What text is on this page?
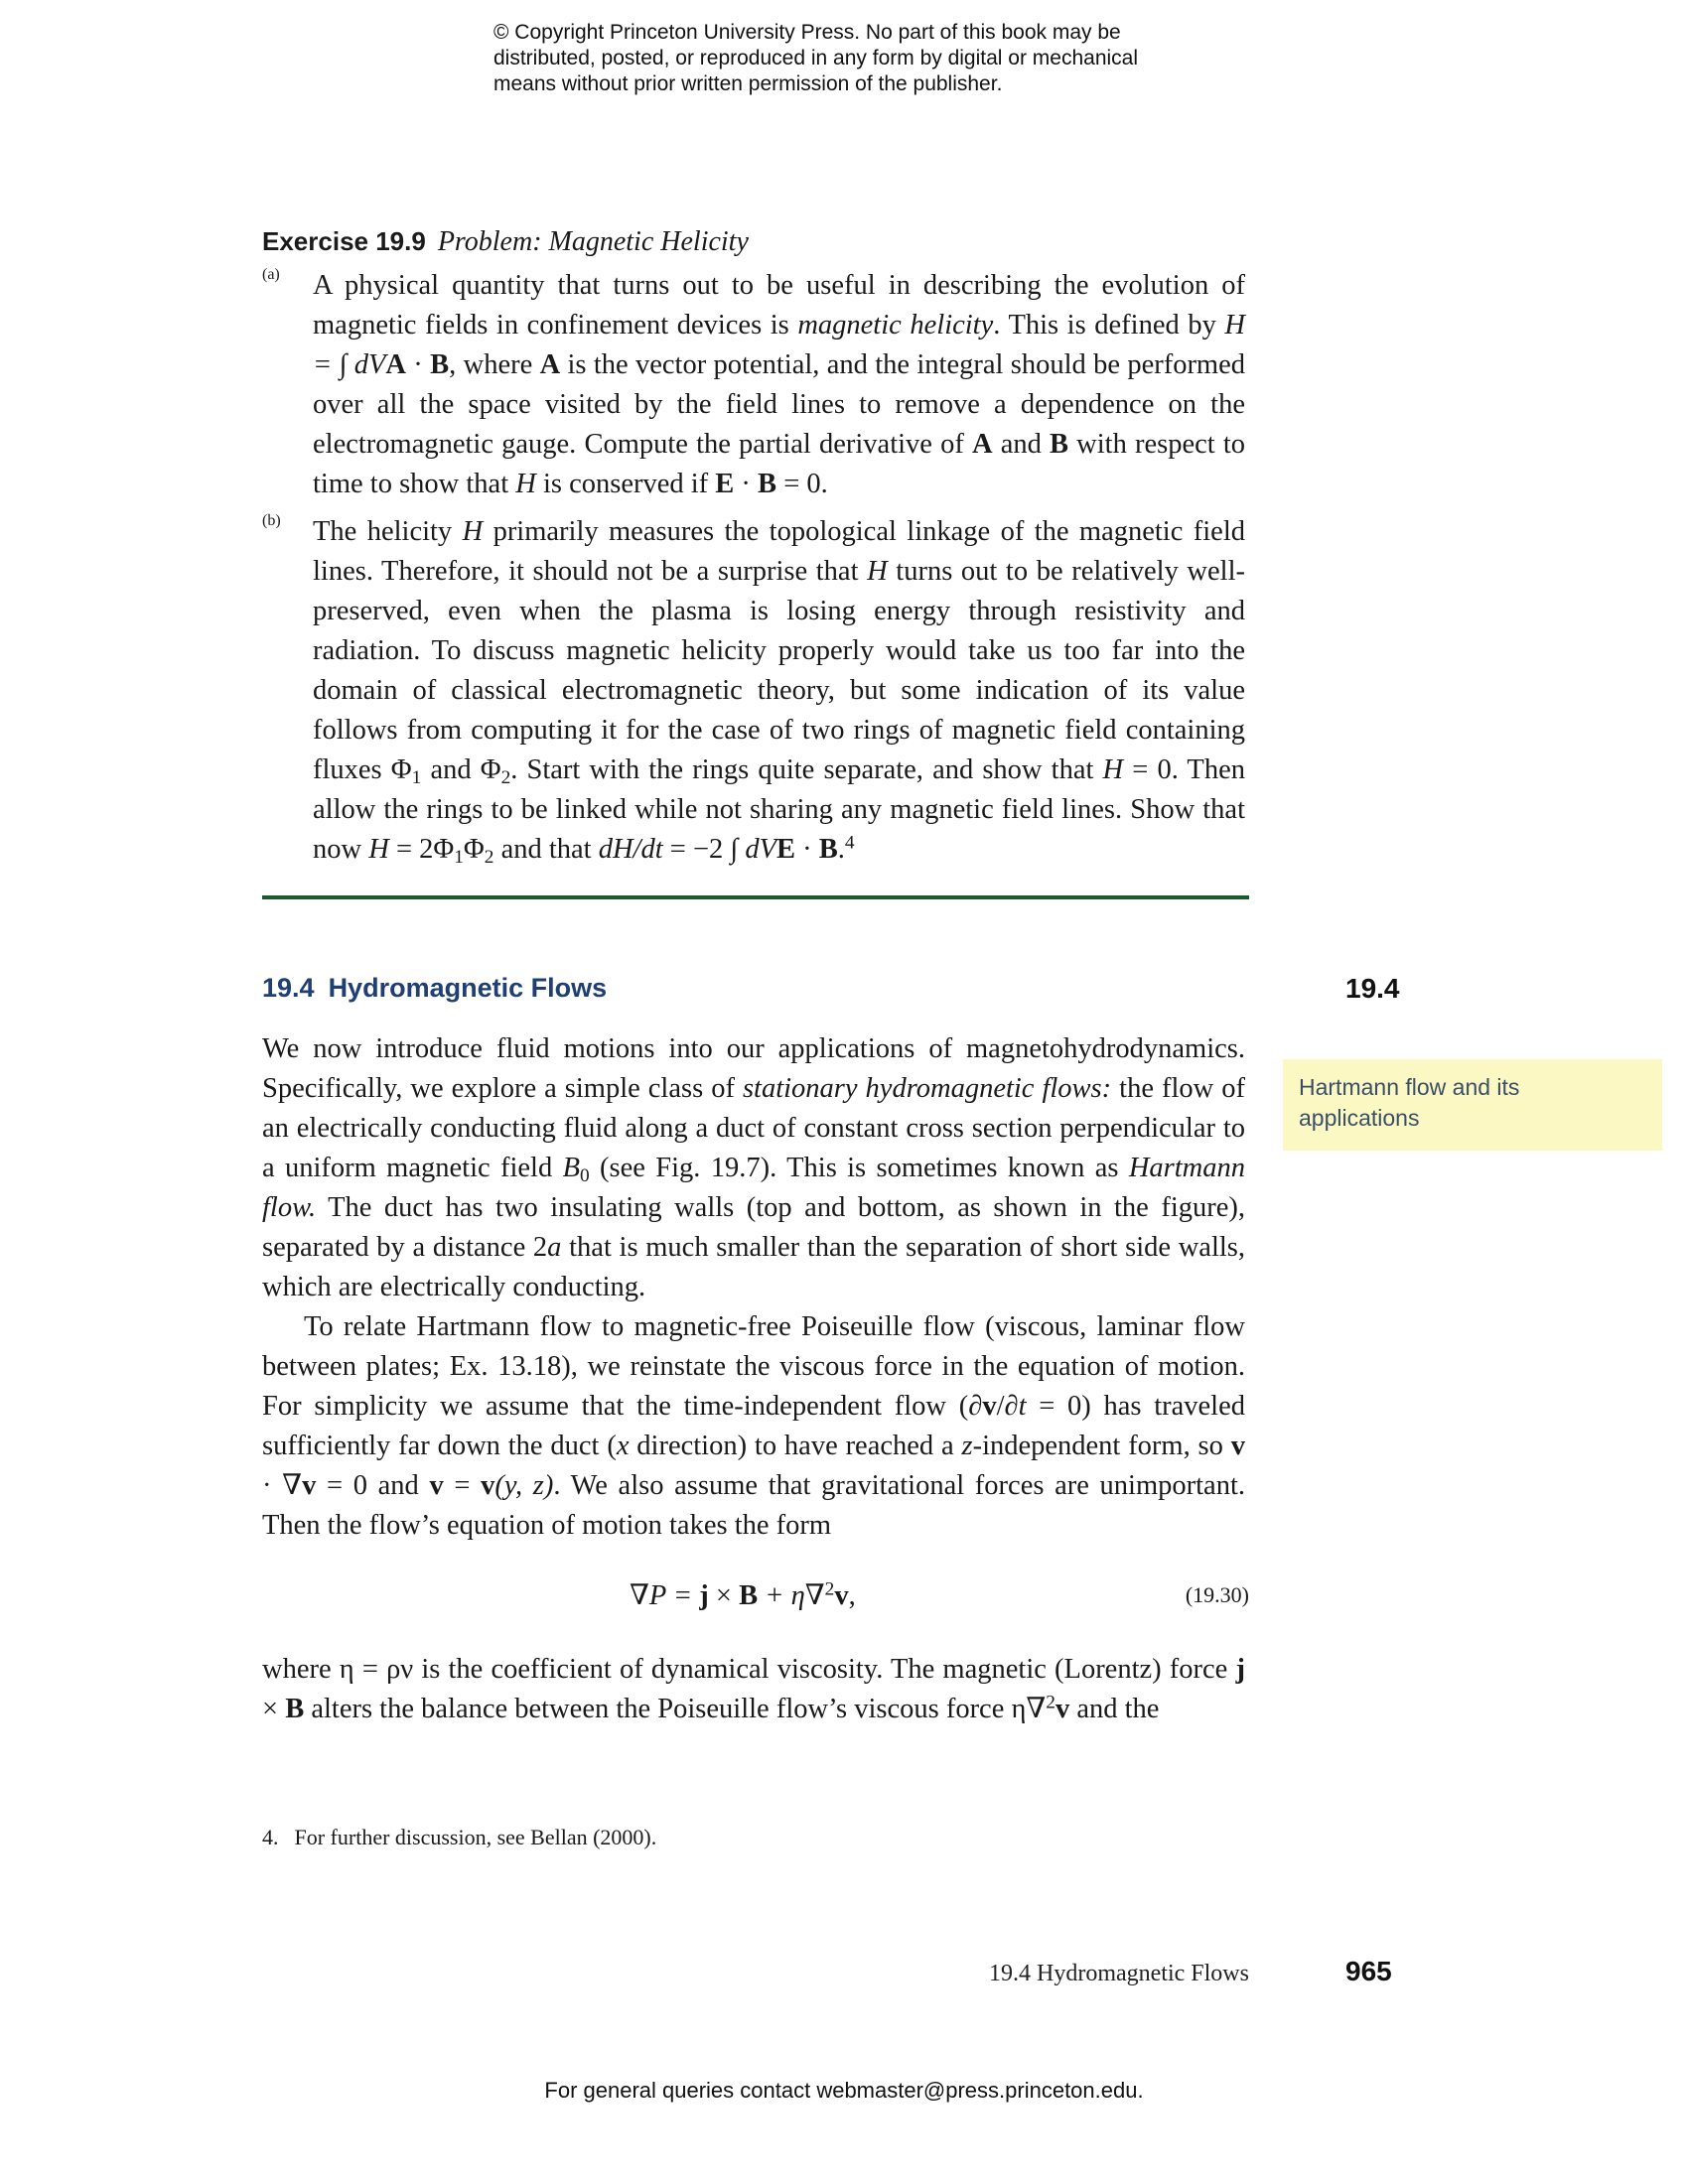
© Copyright Princeton University Press. No part of this book may be
distributed, posted, or reproduced in any form by digital or mechanical
means without prior written permission of the publisher.
Exercise 19.9 Problem: Magnetic Helicity
(a) A physical quantity that turns out to be useful in describing the evolution of magnetic fields in confinement devices is magnetic helicity. This is defined by H = ∫ dVA · B, where A is the vector potential, and the integral should be performed over all the space visited by the field lines to remove a dependence on the electromagnetic gauge. Compute the partial derivative of A and B with respect to time to show that H is conserved if E · B = 0.
(b) The helicity H primarily measures the topological linkage of the magnetic field lines. Therefore, it should not be a surprise that H turns out to be relatively well-preserved, even when the plasma is losing energy through resistivity and radiation. To discuss magnetic helicity properly would take us too far into the domain of classical electromagnetic theory, but some indication of its value follows from computing it for the case of two rings of magnetic field containing fluxes $\Phi_1$ and $\Phi_2$. Start with the rings quite separate, and show that H = 0. Then allow the rings to be linked while not sharing any magnetic field lines. Show that now $H = 2\Phi_1\Phi_2$ and that dH/dt = −2 ∫ dVE · B.$^4$
19.4 Hydromagnetic Flows	19.4
Hartmann flow and its applications
We now introduce fluid motions into our applications of magnetohydrodynamics. Specifically, we explore a simple class of stationary hydromagnetic flows: the flow of an electrically conducting fluid along a duct of constant cross section perpendicular to a uniform magnetic field $B_0$ (see Fig. 19.7). This is sometimes known as Hartmann flow. The duct has two insulating walls (top and bottom, as shown in the figure), separated by a distance 2a that is much smaller than the separation of short side walls, which are electrically conducting.
To relate Hartmann flow to magnetic-free Poiseuille flow (viscous, laminar flow between plates; Ex. 13.18), we reinstate the viscous force in the equation of motion. For simplicity we assume that the time-independent flow (∂v/∂t = 0) has traveled sufficiently far down the duct (x direction) to have reached a z-independent form, so v · ∇v = 0 and v = v(y, z). We also assume that gravitational forces are unimportant. Then the flow’s equation of motion takes the form
∇P = j × B + η∇$^2$v,	(19.30)
where η = ρν is the coefficient of dynamical viscosity. The magnetic (Lorentz) force j × B alters the balance between the Poiseuille flow’s viscous force η∇$^2$v and the
4. For further discussion, see Bellan (2000).
19.4 Hydromagnetic Flows	965
For general queries contact webmaster@press.princeton.edu.
